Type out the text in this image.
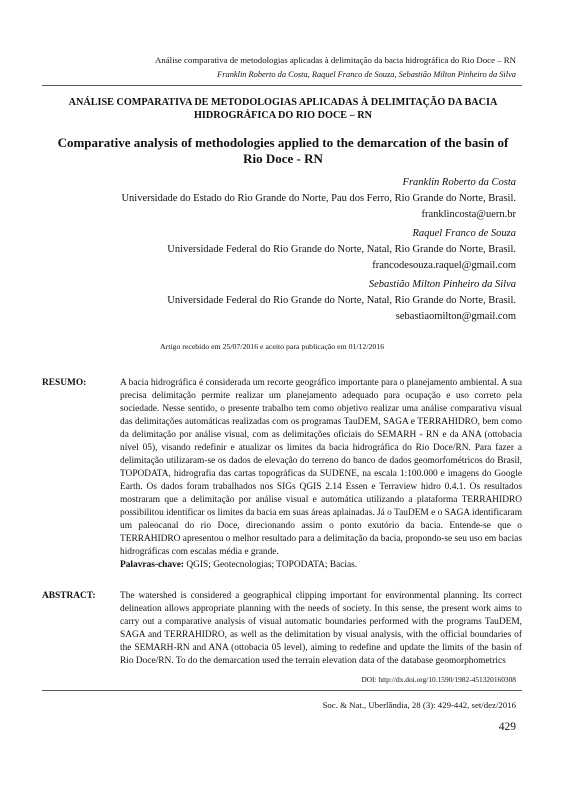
Análise comparativa de metodologias aplicadas à delimitação da bacia hidrográfica do Rio Doce – RN
Franklin Roberto da Costa, Raquel Franco de Souza, Sebastião Milton Pinheiro da Silva
ANÁLISE COMPARATIVA DE METODOLOGIAS APLICADAS À DELIMITAÇÃO DA BACIA HIDROGRÁFICA DO RIO DOCE – RN
Comparative analysis of methodologies applied to the demarcation of the basin of Rio Doce - RN
Franklin Roberto da Costa
Universidade do Estado do Rio Grande do Norte, Pau dos Ferro, Rio Grande do Norte, Brasil.
franklincosta@uern.br
Raquel Franco de Souza
Universidade Federal do Rio Grande do Norte, Natal, Rio Grande do Norte, Brasil.
francodesouza.raquel@gmail.com
Sebastião Milton Pinheiro da Silva
Universidade Federal do Rio Grande do Norte, Natal, Rio Grande do Norte, Brasil.
sebastiaomilton@gmail.com
Artigo recebido em 25/07/2016 e aceito para publicação em 01/12/2016
RESUMO:	A bacia hidrográfica é considerada um recorte geográfico importante para o planejamento ambiental. A sua precisa delimitação permite realizar um planejamento adequado para ocupação e uso correto pela sociedade. Nesse sentido, o presente trabalho tem como objetivo realizar uma análise comparativa visual das delimitações automáticas realizadas com os programas TauDEM, SAGA e TERRAHIDRO, bem como da delimitação por análise visual, com as delimitações oficiais do SEMARH - RN e da ANA (ottobacia nível 05), visando redefinir e atualizar os limites da bacia hidrográfica do Rio Doce/RN. Para fazer a delimitação utilizaram-se os dados de elevação do terreno do banco de dados geomorfométricos do Brasil, TOPODATA, hidrografia das cartas topográficas da SUDENE, na escala 1:100.000 e imagens do Google Earth. Os dados foram trabalhados nos SIGs QGIS 2.14 Essen e Terraview hidro 0.4.1. Os resultados mostraram que a delimitação por análise visual e automática utilizando a plataforma TERRAHIDRO possibilitou identificar os limites da bacia em suas áreas aplainadas. Já o TauDEM e o SAGA identificaram um paleocanal do rio Doce, direcionando assim o ponto exutório da bacia. Entende-se que o TERRAHIDRO apresentou o melhor resultado para a delimitação da bacia, propondo-se seu uso em bacias hidrográficas com escalas média e grande.
Palavras-chave: QGIS; Geotecnologias; TOPODATA; Bacias.
ABSTRACT:	The watershed is considered a geographical clipping important for environmental planning. Its correct delineation allows appropriate planning with the needs of society. In this sense, the present work aims to carry out a comparative analysis of visual automatic boundaries performed with the programs TauDEM, SAGA and TERRAHIDRO, as well as the delimitation by visual analysis, with the official boundaries of the SEMARH-RN and ANA (ottobacia 05 level), aiming to redefine and update the limits of the basin of Rio Doce/RN. To do the demarcation used the terrain elevation data of the database geomorphometrics
DOI: http://dx.doi.org/10.1590/1982-451320160308
Soc. & Nat., Uberlândia, 28 (3): 429-442, set/dez/2016
429
